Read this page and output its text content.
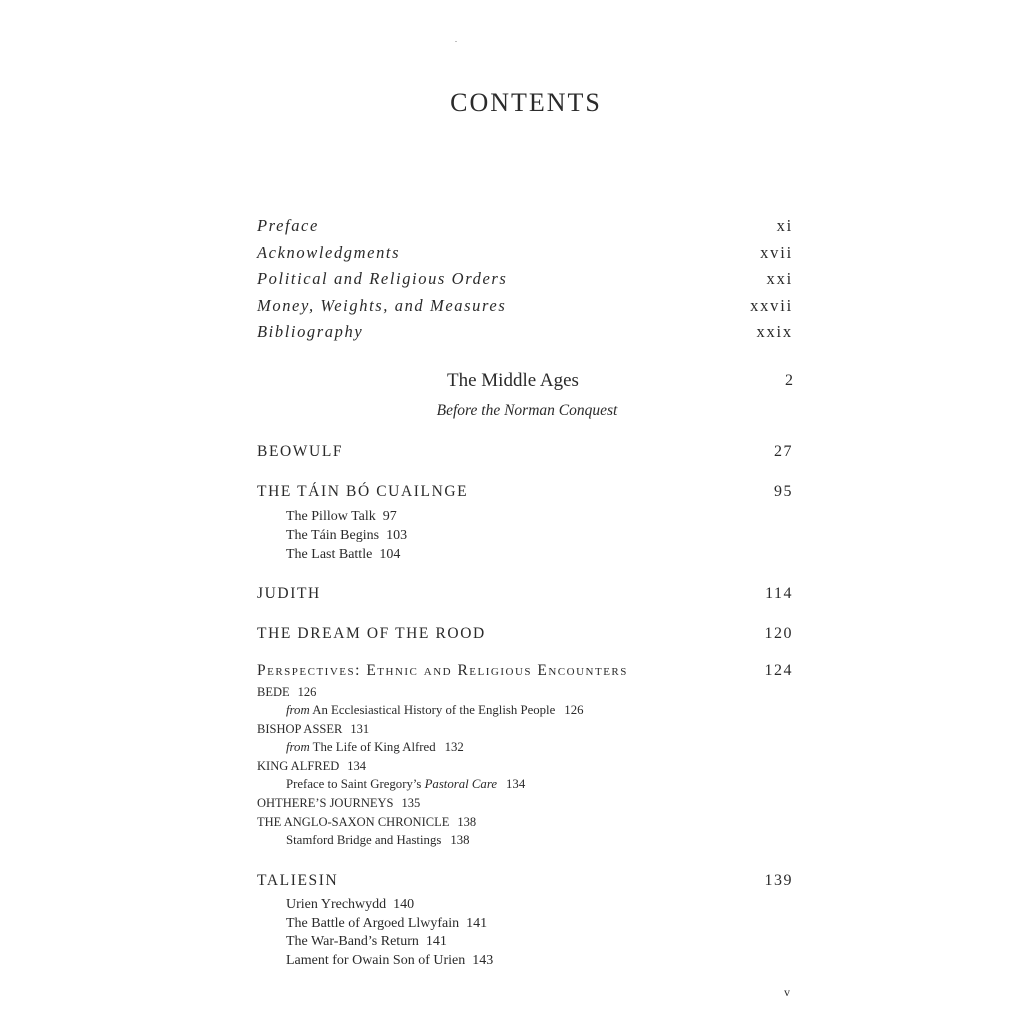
CONTENTS
Preface	xi
Acknowledgments	xvii
Political and Religious Orders	xxi
Money, Weights, and Measures	xxvii
Bibliography	xxix
The Middle Ages	2
Before the Norman Conquest
BEOWULF	27
THE TÁIN BÓ CUAILNGE	95
The Pillow Talk 97
The Táin Begins 103
The Last Battle 104
JUDITH	114
THE DREAM OF THE ROOD	120
Perspectives: Ethnic and Religious Encounters	124
BEDE 126
from An Ecclesiastical History of the English People 126
BISHOP ASSER 131
from The Life of King Alfred 132
KING ALFRED 134
Preface to Saint Gregory’s Pastoral Care 134
OHTHERE’S JOURNEYS 135
THE ANGLO-SAXON CHRONICLE 138
Stamford Bridge and Hastings 138
TALIESIN	139
Urien Yrechwydd 140
The Battle of Argoed Llwyfain 141
The War-Band’s Return 141
Lament for Owain Son of Urien 143
v
